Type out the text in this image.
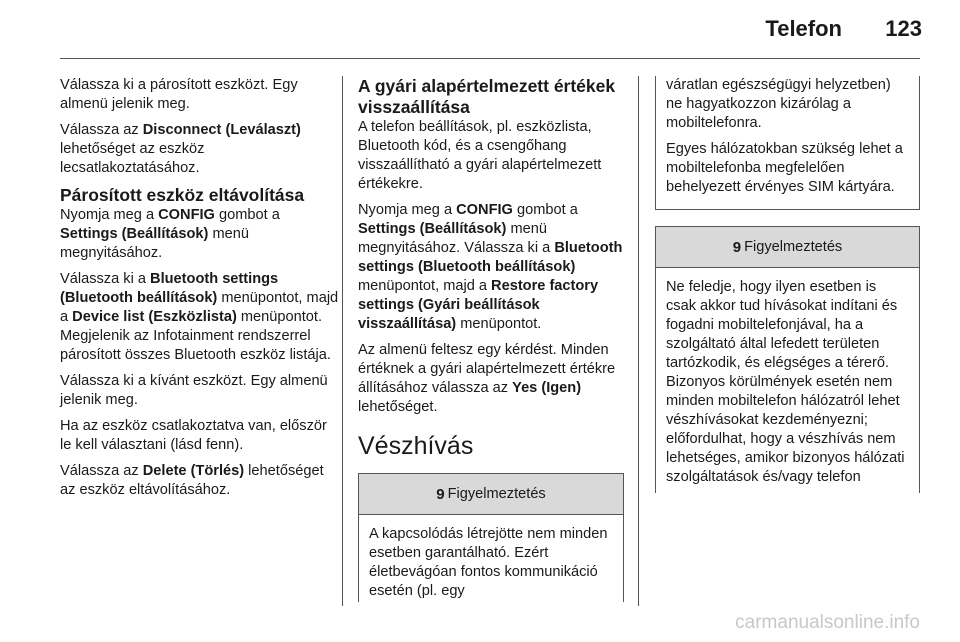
Telefon 123

Válassza ki a párosított eszközt. Egy almenü jelenik meg.

Válassza az Disconnect (Leválaszt) lehetőséget az eszköz lecsatlakoztatásához.

Párosított eszköz eltávolítása

Nyomja meg a CONFIG gombot a Settings (Beállítások) menü megnyitásához.

Válassza ki a Bluetooth settings (Bluetooth beállítások) menüpontot, majd a Device list (Eszközlista) menüpontot. Megjelenik az Infotainment rendszerrel párosított összes Bluetooth eszköz listája.

Válassza ki a kívánt eszközt. Egy almenü jelenik meg.

Ha az eszköz csatlakoztatva van, először le kell választani (lásd fenn).

Válassza az Delete (Törlés) lehetőséget az eszköz eltávolításához.

A gyári alapértelmezett értékek visszaállítása

A telefon beállítások, pl. eszközlista, Bluetooth kód, és a csengőhang visszaállítható a gyári alapértelmezett értékekre.

Nyomja meg a CONFIG gombot a Settings (Beállítások) menü megnyitásához. Válassza ki a Bluetooth settings (Bluetooth beállítások) menüpontot, majd a Restore factory settings (Gyári beállítások visszaállítása) menüpontot.

Az almenü feltesz egy kérdést. Minden értéknek a gyári alapértelmezett értékre állításához válassza az Yes (Igen) lehetőséget.

Vészhívás
9 Figyelmeztetés
A kapcsolódás létrejötte nem minden esetben garantálható. Ezért életbevágóan fontos kommunikáció esetén (pl. egy

váratlan egészségügyi helyzetben) ne hagyatkozzon kizárólag a mobiltelefonra.

Egyes hálózatokban szükség lehet a mobiltelefonba megfelelően behelyezett érvényes SIM kártyára.

9 Figyelmeztetés
Ne feledje, hogy ilyen esetben is csak akkor tud hívásokat indítani és fogadni mobiltelefonjával, ha a szolgáltató által lefedett területen tartózkodik, és elégséges a térerő. Bizonyos körülmények esetén nem minden mobiltelefon hálózatról lehet vészhívásokat kezdeményezni; előfordulhat, hogy a vészhívás nem lehetséges, amikor bizonyos hálózati szolgáltatások és/vagy telefon
carmanualsonline.info
